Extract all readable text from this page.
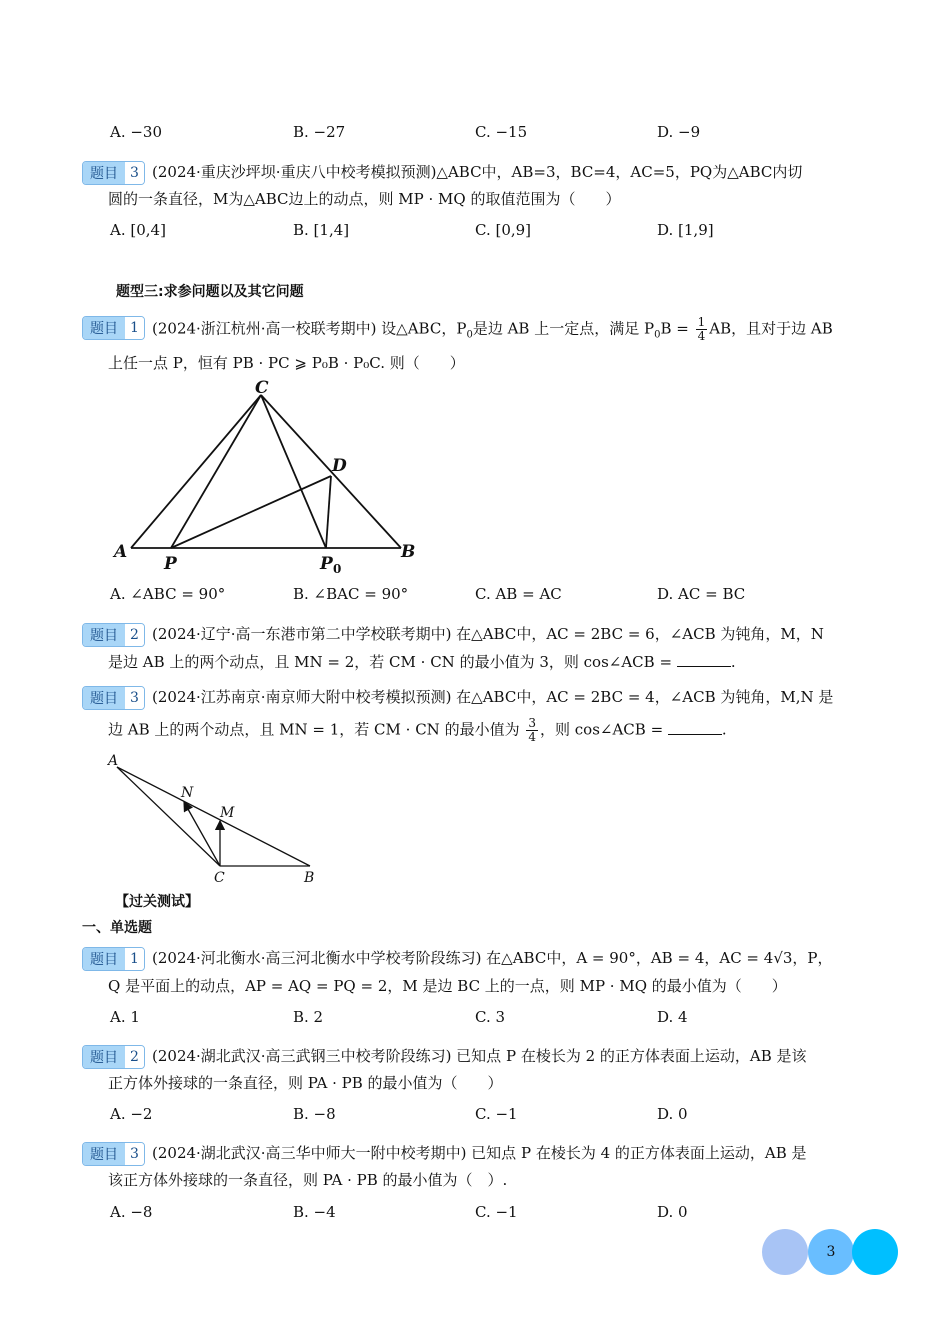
A. −30	B. −27	C. −15	D. −9
题目 3 (2024·重庆沙坪坝·重庆八中校考模拟预测)△ABC中，AB=3，BC=4，AC=5，PQ为△ABC内切
圆的一条直径，M为△ABC边上的动点，则 MP · MQ 的取值范围为（　　）
A. [0,4]	B. [1,4]	C. [0,9]	D. [1,9]
题型三:求参问题以及其它问题
题目 1 (2024·浙江杭州·高一校联考期中) 设△ABC，$P_0$是边 AB 上一定点，满足 $P_0B = \frac{1}{4}$ AB，且对于边 AB
上任一点 P，恒有 PB · PC ⩾ P₀B · P₀C. 则（　　）
C
D
A
P	P 0
B
A. ∠ABC = 90°	B. ∠BAC = 90°	C. AB = AC	D. AC = BC
题目 2 (2024·辽宁·高一东港市第二中学校联考期中) 在△ABC中，AC = 2BC = 6，∠ACB 为钝角，M，N
是边 AB 上的两个动点，且 MN = 2，若 CM · CN 的最小值为 3，则 cos∠ACB =	.
题目 3 (2024·江苏南京·南京师大附中校考模拟预测) 在△ABC中，AC = 2BC = 4，∠ACB 为钝角，M,N 是
边 AB 上的两个动点，且 MN = 1，若 CM · CN 的最小值为 $\frac{3}{4}$ ，则 cos∠ACB =	.
A
N
M
C	B
【过关测试】
一、单选题
题目 1 (2024·河北衡水·高三河北衡水中学校考阶段练习) 在△ABC中，A = 90°，AB = 4，AC = 4√3，P，
Q 是平面上的动点，AP = AQ = PQ = 2，M 是边 BC 上的一点，则 MP · MQ 的最小值为（　　）
A. 1	B. 2	C. 3	D. 4
题目 2 (2024·湖北武汉·高三武钢三中校考阶段练习) 已知点 P 在棱长为 2 的正方体表面上运动，AB 是该
正方体外接球的一条直径，则 PA · PB 的最小值为（　　）
A. −2	B. −8	C. −1	D. 0
题目 3 (2024·湖北武汉·高三华中师大一附中校考期中) 已知点 P 在棱长为 4 的正方体表面上运动，AB 是
该正方体外接球的一条直径，则 PA · PB 的最小值为（　）.
A. −8	B. −4	C. −1	D. 0
3
